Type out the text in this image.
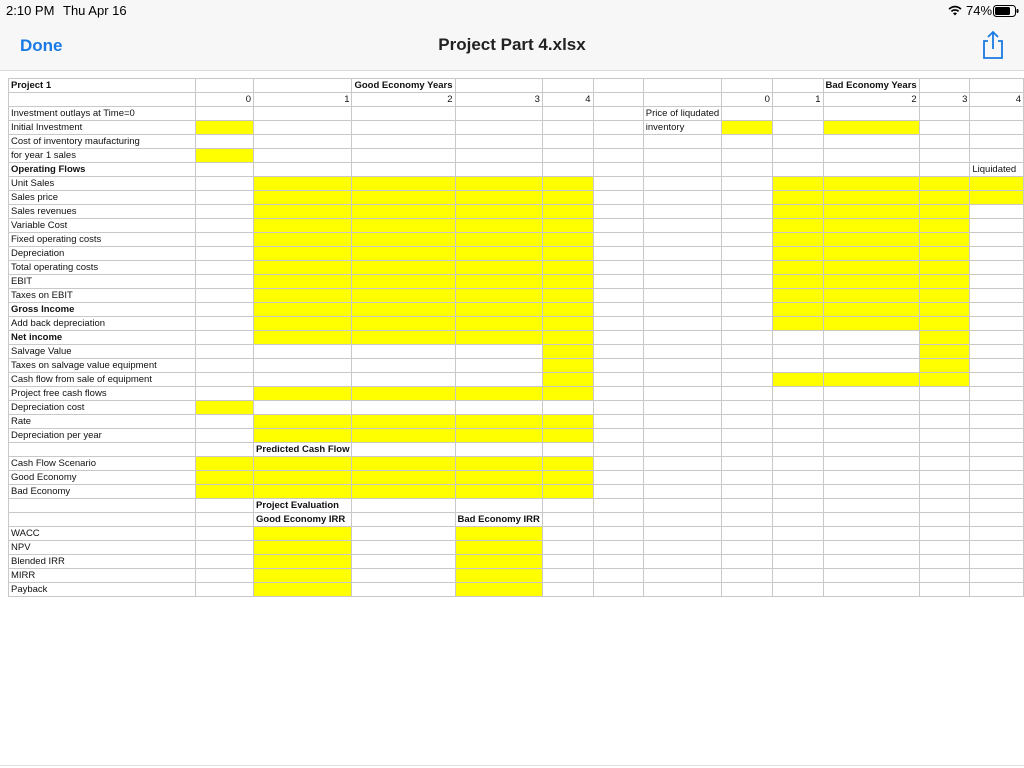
2:10 PM Thu Apr 16	74%
Done	Project Part 4.xlsx
Project 1			Good Economy Years							Bad Economy Years		
	0	1	2	3	4			0	1	2	3	4
Investment outlays at Time=0							Price of liqudated					
Initial Investment							inventory					
Cost of inventory maufacturing												
for year 1 sales												
Operating Flows												Liquidated
Unit Sales												
Sales price												
Sales revenues												
Variable Cost												
Fixed operating costs												
Depreciation												
Total operating costs												
EBIT												
Taxes on EBIT												
Gross Income												
Add back depreciation												
Net income												
Salvage Value												
Taxes on salvage value equipment												
Cash flow from sale of equipment												
Project free cash flows												
Depreciation cost												
Rate												
Depreciation per year												
		Predicted Cash Flow										
Cash Flow Scenario												
Good Economy												
Bad Economy												
		Project Evaluation										
		Good Economy IRR		Bad Economy IRR								
WACC												
NPV												
Blended IRR												
MIRR												
Payback												
